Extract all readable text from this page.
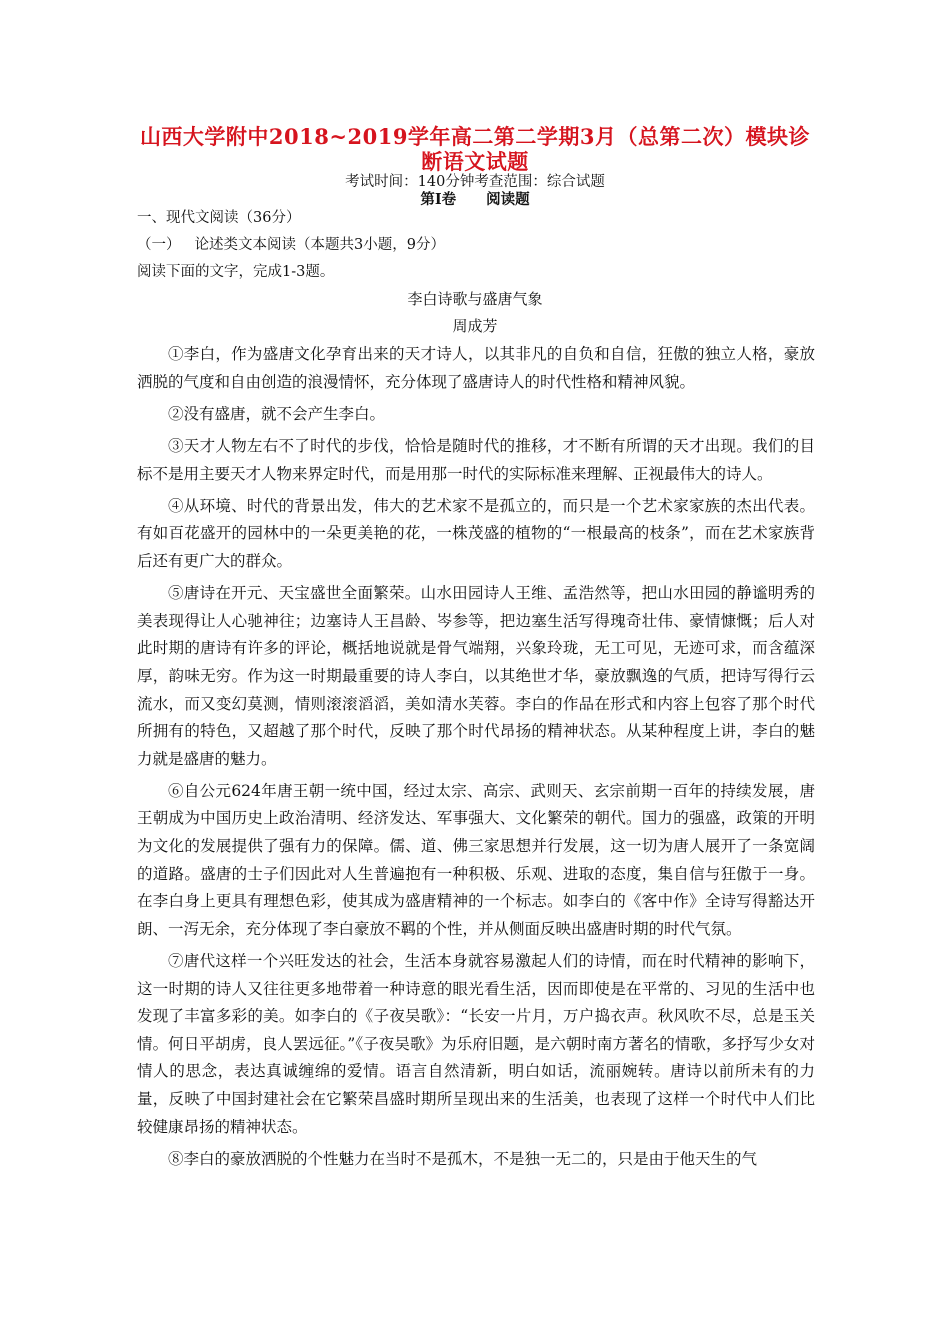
山西大学附中2018~2019学年高二第二学期3月（总第二次）模块诊
断语文试题
考试时间：140分钟考查范围：综合试题
第Ⅰ卷 阅读题
一、现代文阅读（36分）
（一） 论述类文本阅读（本题共3小题，9分）
阅读下面的文字，完成1-3题。
李白诗歌与盛唐气象
周成芳

①李白，作为盛唐文化孕育出来的天才诗人，以其非凡的自负和自信，狂傲的独立人格，豪放洒脱的气度和自由创造的浪漫情怀，充分体现了盛唐诗人的时代性格和精神风貌。

②没有盛唐，就不会产生李白。

③天才人物左右不了时代的步伐，恰恰是随时代的推移，才不断有所谓的天才出现。我们的目标不是用主要天才人物来界定时代，而是用那一时代的实际标准来理解、正视最伟大的诗人。

④从环境、时代的背景出发，伟大的艺术家不是孤立的，而只是一个艺术家家族的杰出代表。有如百花盛开的园林中的一朵更美艳的花，一株茂盛的植物的“一根最高的枝条”，而在艺术家族背后还有更广大的群众。

⑤唐诗在开元、天宝盛世全面繁荣。山水田园诗人王维、孟浩然等，把山水田园的静谧明秀的美表现得让人心驰神往；边塞诗人王昌龄、岑参等，把边塞生活写得瑰奇壮伟、豪情慷慨；后人对此时期的唐诗有许多的评论，概括地说就是骨气端翔，兴象玲珑，无工可见，无迹可求，而含蕴深厚，韵味无穷。作为这一时期最重要的诗人李白，以其绝世才华，豪放飘逸的气质，把诗写得行云流水，而又变幻莫测，情则滚滚滔滔，美如清水芙蓉。李白的作品在形式和内容上包容了那个时代所拥有的特色，又超越了那个时代，反映了那个时代昂扬的精神状态。从某种程度上讲，李白的魅力就是盛唐的魅力。

⑥自公元624年唐王朝一统中国，经过太宗、高宗、武则天、玄宗前期一百年的持续发展，唐王朝成为中国历史上政治清明、经济发达、军事强大、文化繁荣的朝代。国力的强盛，政策的开明为文化的发展提供了强有力的保障。儒、道、佛三家思想并行发展，这一切为唐人展开了一条宽阔的道路。盛唐的士子们因此对人生普遍抱有一种积极、乐观、进取的态度，集自信与狂傲于一身。在李白身上更具有理想色彩，使其成为盛唐精神的一个标志。如李白的《客中作》全诗写得豁达开朗、一泻无余，充分体现了李白豪放不羁的个性，并从侧面反映出盛唐时期的时代气氛。

⑦唐代这样一个兴旺发达的社会，生活本身就容易激起人们的诗情，而在时代精神的影响下，这一时期的诗人又往往更多地带着一种诗意的眼光看生活，因而即使是在平常的、习见的生活中也发现了丰富多彩的美。如李白的《子夜吴歌》：“长安一片月，万户捣衣声。秋风吹不尽，总是玉关情。何日平胡虏，良人罢远征。”《子夜吴歌》为乐府旧题，是六朝时南方著名的情歌，多抒写少女对情人的思念，表达真诚缠绵的爱情。语言自然清新，明白如话，流丽婉转。唐诗以前所未有的力量，反映了中国封建社会在它繁荣昌盛时期所呈现出来的生活美，也表现了这样一个时代中人们比较健康昂扬的精神状态。

⑧李白的豪放洒脱的个性魅力在当时不是孤木，不是独一无二的，只是由于他天生的气
